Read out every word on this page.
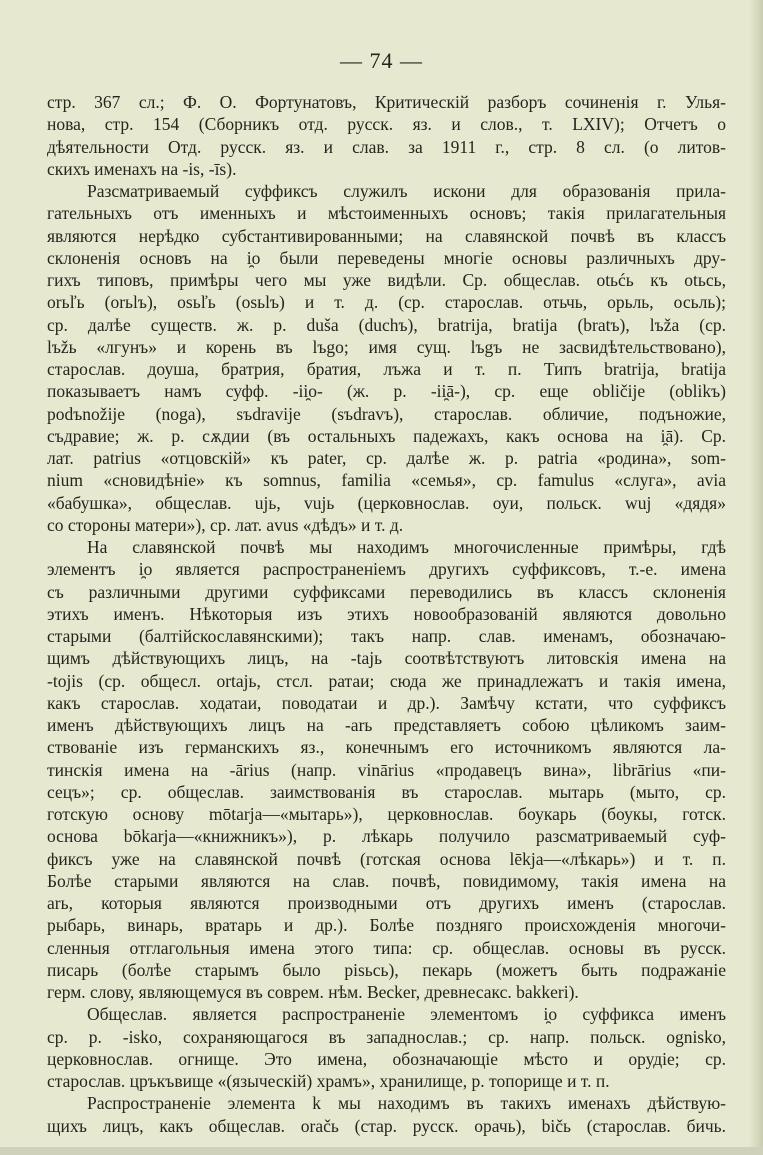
— 74 —
стр. 367 сл.; Ф. О. Фортунатовъ, Критическій разборъ сочиненія г. Улья-
нова, стр. 154 (Сборникъ отд. русск. яз. и слов., т. LXIV); Отчетъ о
дѣятельности Отд. русск. яз. и слав. за 1911 г., стр. 8 сл. (о литов-
скихъ именахъ на -is, -īs).
Разсматриваемый суффиксъ служилъ искони для образованія прила-
гательныхъ отъ именныхъ и мѣстоименныхъ основъ; такія прилагательныя
являются нерѣдко субстантивированными; на славянской почвѣ въ классъ
склоненія основъ на i̯o были переведены многіе основы различныхъ дру-
гихъ типовъ, примѣры чего мы уже видѣли. Ср. общеслав. otьćь къ otьсь,
orьľь (orьlъ), osьľь (osьlъ) и т. д. (ср. старослав. отьчь, орьль, осьль);
ср. далѣе существ. ж. р. duša (duchъ), bratrija, bratija (bratъ), lъža (ср.
lъžь «лгунъ» и корень въ lъgo; имя сущ. lъgъ не засвидѣтельствовано),
старослав. доуша, братрия, братия, лъжа и т. п. Типъ bratrija, bratija
показываетъ намъ суфф. -ii̯o- (ж. р. -ii̯ā-), ср. еще obličije (oblikъ)
podъnožije (noga), sъdravije (sъdravъ), старослав. обличие, подъножие,
съдравие; ж. р. сѫдии (въ остальныхъ падежахъ, какъ основа на i̯ā). Ср.
лат. patrius «отцовскій» къ pater, ср. далѣе ж. р. patria «родина», som-
nium «сновидѣніе» къ somnus, familia «семья», ср. famulus «слуга», avia
«бабушка», общеслав. uјь, vujь (церковнослав. оуи, польск. wuj «дядя»
со стороны матери»), ср. лат. avus «дѣдъ» и т. д.
На славянской почвѣ мы находимъ многочисленные примѣры, гдѣ
элементъ i̯o является распространеніемъ другихъ суффиксовъ, т.-е. имена
съ различными другими суффиксами переводились въ классъ склоненія
этихъ именъ. Нѣкоторыя изъ этихъ новообразованій являются довольно
старыми (балтійскославянскими); такъ напр. слав. именамъ, обозначаю-
щимъ дѣйствующихъ лицъ, на -tajь соотвѣтствуютъ литовскія имена на
-tojis (ср. общесл. ortajь, стсл. ратаи; сюда же принадлежатъ и такія имена,
какъ старослав. ходатаи, поводатаи и др.). Замѣчу кстати, что суффиксъ
именъ дѣйствующихъ лицъ на -arь представляетъ собою цѣликомъ заим-
ствованіе изъ германскихъ яз., конечнымъ его источникомъ являются ла-
тинскія имена на -ārius (напр. vinārius «продавецъ вина», librārius «пи-
сецъ»; ср. общеслав. заимствованія въ старослав. мытарь (мыто, ср.
готскую основу mōtarja—«мытарь»), церковнослав. боукарь (боукы, готск.
основа bōkarja—«книжникъ»), р. лѣкарь получило разсматриваемый суф-
фиксъ уже на славянской почвѣ (готская основа lēkja—«лѣкарь») и т. п.
Болѣе старыми являются на слав. почвѣ, повидимому, такія имена на
arь, которыя являются производными отъ другихъ именъ (старослав.
рыбарь, винарь, вратарь и др.). Болѣе поздняго происхожденія многочи-
сленныя отглагольныя имена этого типа: ср. общеслав. основы въ русск.
писарь (болѣе старымъ было pisьсь), пекарь (можетъ быть подражаніе
герм. слову, являющемуся въ соврем. нѣм. Becker, древнесакс. bakkeri).
Общеслав. является распространеніе элементомъ i̯o суффикса именъ
ср. р. -isko, сохраняющагося въ западнослав.; ср. напр. польск. ognisko,
церковнослав. огнище. Это имена, обозначающіе мѣсто и орудіе; ср.
старослав. цръкъвище «(языческій) храмъ», хранилище, р. топорище и т. п.
Распространеніе элемента k мы находимъ въ такихъ именахъ дѣйствую-
щихъ лицъ, какъ общеслав. orаčь (стар. русск. орачь), bičь (старослав. бичь.
